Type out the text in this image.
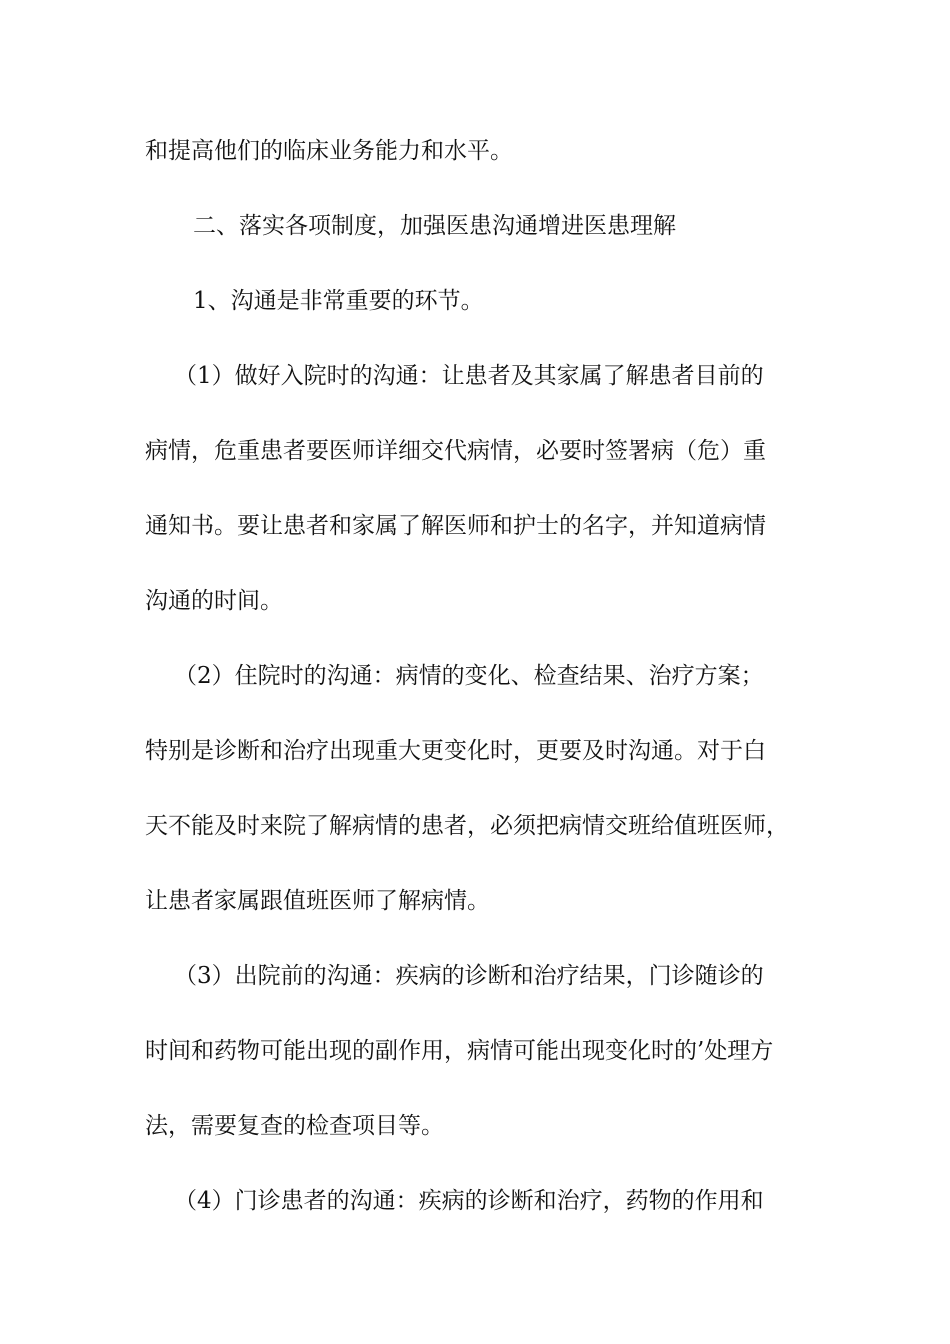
和提高他们的临床业务能力和水平。
二、落实各项制度，加强医患沟通增进医患理解
1、沟通是非常重要的环节。
（1）做好入院时的沟通：让患者及其家属了解患者目前的
病情，危重患者要医师详细交代病情，必要时签署病（危）重
通知书。要让患者和家属了解医师和护士的名字，并知道病情
沟通的时间。
（2）住院时的沟通：病情的变化、检查结果、治疗方案；
特别是诊断和治疗出现重大更变化时，更要及时沟通。对于白
天不能及时来院了解病情的患者，必须把病情交班给值班医师，
让患者家属跟值班医师了解病情。
（3）出院前的沟通：疾病的诊断和治疗结果，门诊随诊的
时间和药物可能出现的副作用，病情可能出现变化时的’处理方
法，需要复查的检查项目等。
（4）门诊患者的沟通：疾病的诊断和治疗，药物的作用和
